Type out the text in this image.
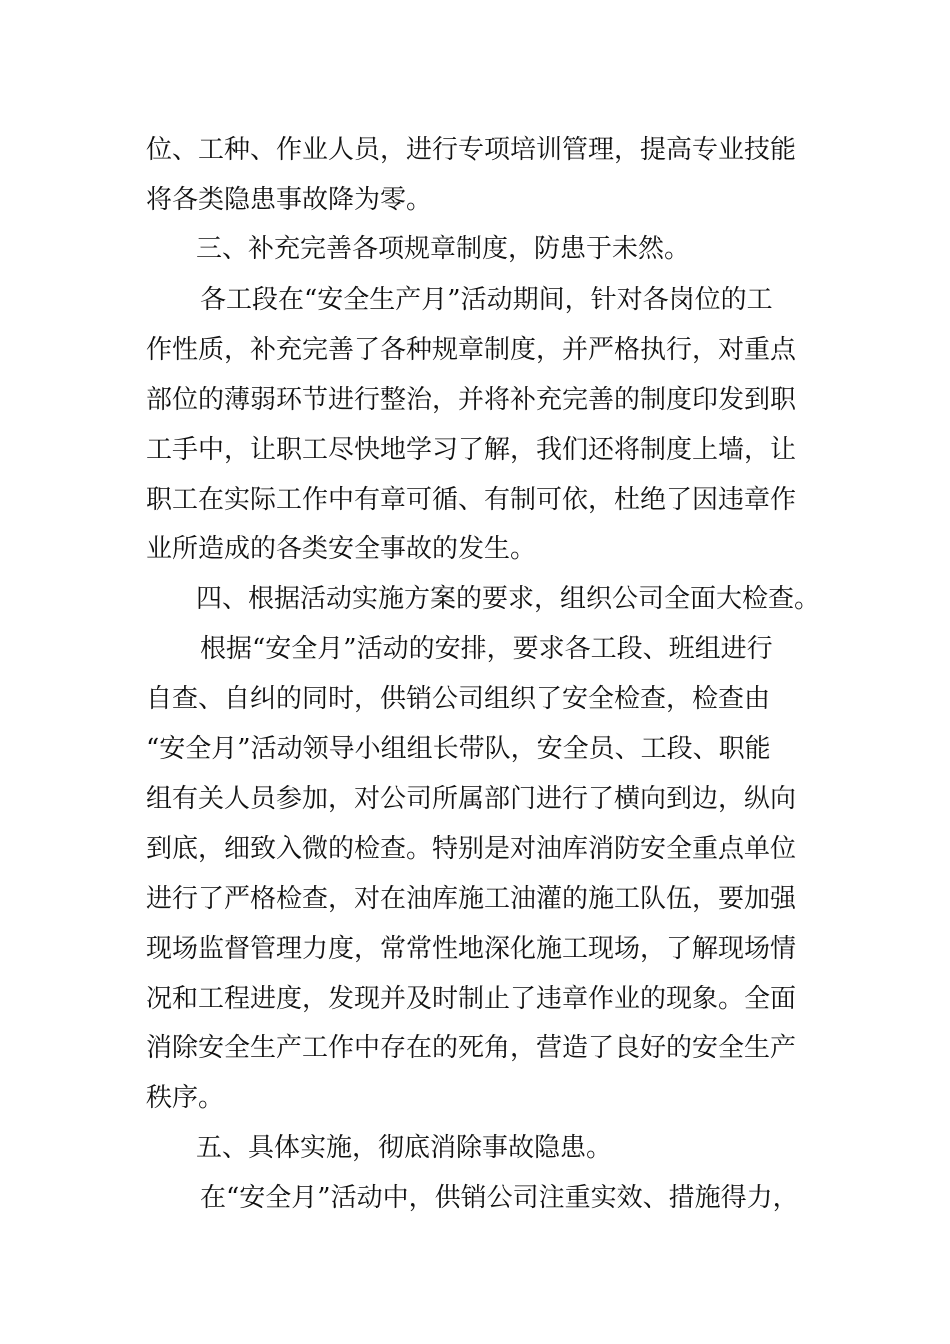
位、工种、作业人员，进行专项培训管理，提高专业技能
将各类隐患事故降为零。
三、补充完善各项规章制度，防患于未然。
各工段在“安全生产月”活动期间，针对各岗位的工
作性质，补充完善了各种规章制度，并严格执行，对重点
部位的薄弱环节进行整治，并将补充完善的制度印发到职
工手中，让职工尽快地学习了解，我们还将制度上墙，让
职工在实际工作中有章可循、有制可依，杜绝了因违章作
业所造成的各类安全事故的发生。
四、根据活动实施方案的要求，组织公司全面大检查。
根据“安全月”活动的安排，要求各工段、班组进行
自查、自纠的同时，供销公司组织了安全检查，检查由
“安全月”活动领导小组组长带队，安全员、工段、职能
组有关人员参加，对公司所属部门进行了横向到边，纵向
到底，细致入微的检查。特别是对油库消防安全重点单位
进行了严格检查，对在油库施工油灌的施工队伍，要加强
现场监督管理力度，常常性地深化施工现场，了解现场情
况和工程进度，发现并及时制止了违章作业的现象。全面
消除安全生产工作中存在的死角，营造了良好的安全生产
秩序。
五、具体实施，彻底消除事故隐患。
在“安全月”活动中，供销公司注重实效、措施得力，
